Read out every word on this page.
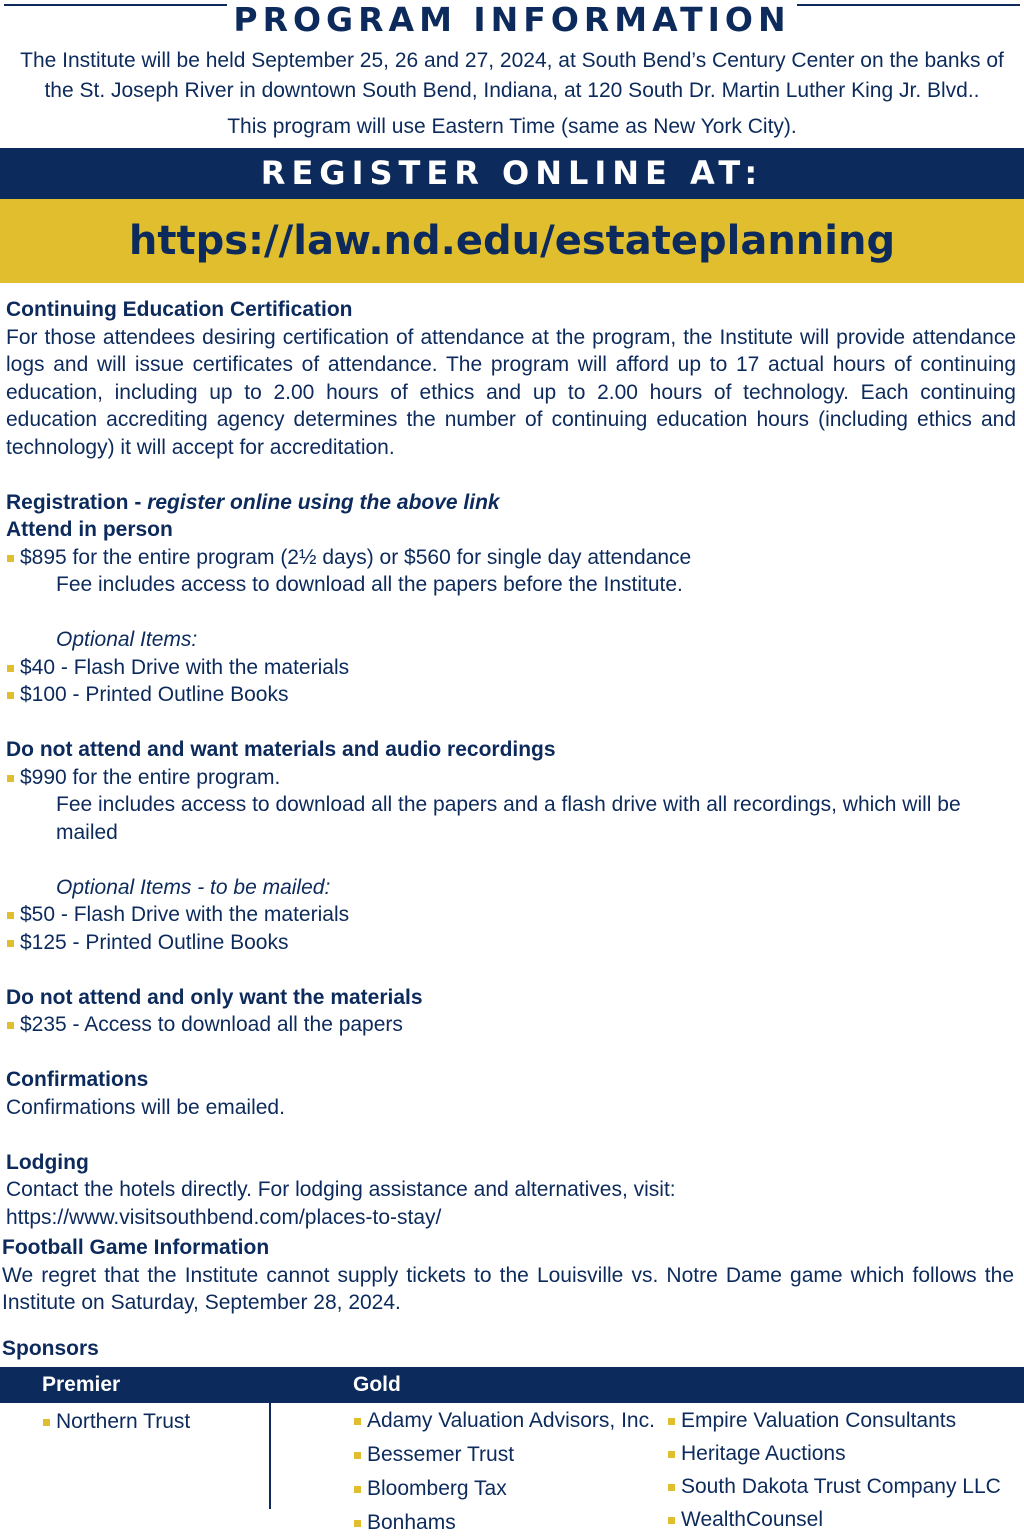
PROGRAM INFORMATION

The Institute will be held September 25, 26 and 27, 2024, at South Bend’s Century Center on the banks of the St. Joseph River in downtown South Bend, Indiana, at 120 South Dr. Martin Luther King Jr. Blvd..

This program will use Eastern Time (same as New York City).
REGISTER ONLINE AT:
https://law.nd.edu/estateplanning
Continuing Education Certification

For those attendees desiring certification of attendance at the program, the Institute will provide attendance logs and will issue certificates of attendance. The program will afford up to 17 actual hours of continuing education, including up to 2.00 hours of ethics and up to 2.00 hours of technology. Each continuing education accrediting agency determines the number of continuing education hours (including ethics and technology) it will accept for accreditation.

Registration - register online using the above link
Attend in person

$895 for the entire program (2½ days) or $560 for single day attendance

Fee includes access to download all the papers before the Institute.

Optional Items:

$40 - Flash Drive with the materials

$100 - Printed Outline Books

Do not attend and want materials and audio recordings

$990 for the entire program.

Fee includes access to download all the papers and a flash drive with all recordings, which will be mailed

Optional Items - to be mailed:

$50 - Flash Drive with the materials

$125 - Printed Outline Books

Do not attend and only want the materials

$235 - Access to download all the papers

Confirmations

Confirmations will be emailed.

Lodging

Contact the hotels directly. For lodging assistance and alternatives, visit:

https://www.visitsouthbend.com/places-to-stay/

Football Game Information

We regret that the Institute cannot supply tickets to the Louisville vs. Notre Dame game which follows the Institute on Saturday, September 28, 2024.

Sponsors
Premier	Gold
Northern Trust	Adamy Valuation Advisors, Inc.
Bessemer Trust
Bloomberg Tax
Bonhams
Empire Valuation Consultants
Heritage Auctions
South Dakota Trust Company LLC
WealthCounsel
